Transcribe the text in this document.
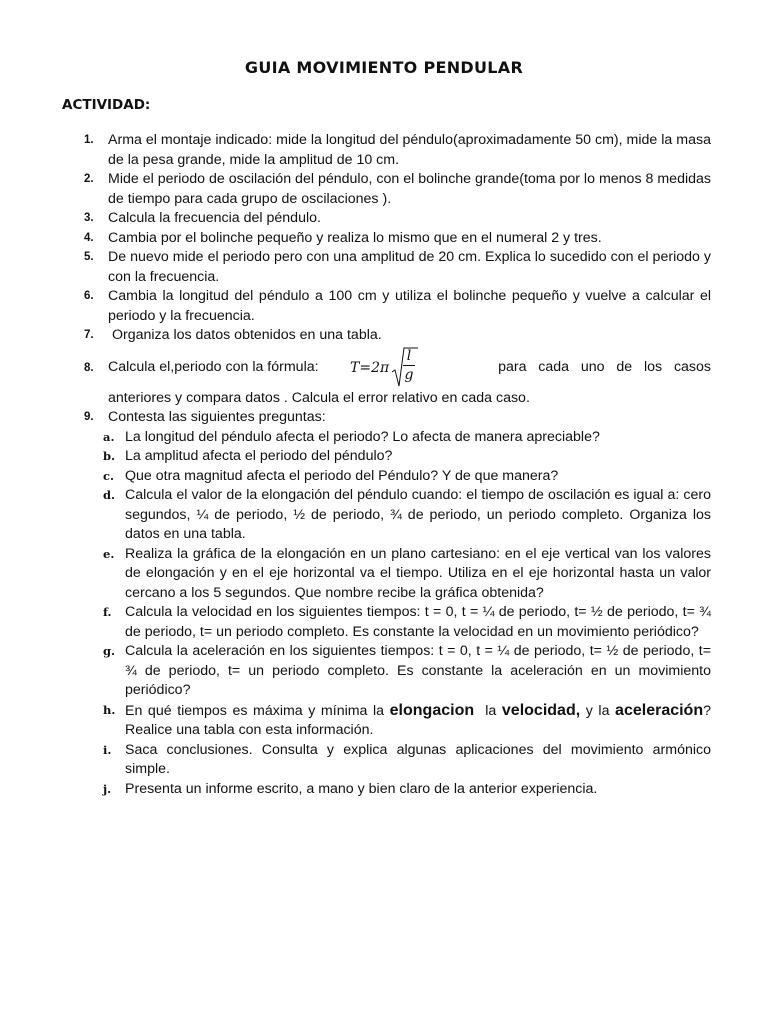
GUIA MOVIMIENTO PENDULAR
ACTIVIDAD:
1. Arma el montaje indicado: mide la longitud del péndulo(aproximadamente 50 cm), mide la masa de la pesa grande, mide la amplitud de 10 cm.
2. Mide el periodo de oscilación del péndulo, con el bolinche grande(toma por lo menos 8 medidas de tiempo para cada grupo de oscilaciones ).
3. Calcula la frecuencia del péndulo.
4. Cambia por el bolinche pequeño y realiza lo mismo que en el numeral 2 y tres.
5. De nuevo mide el periodo pero con una amplitud de 20 cm. Explica lo sucedido con el periodo y con la frecuencia.
6. Cambia la longitud del péndulo a 100 cm y utiliza el bolinche pequeño y vuelve a calcular el periodo y la frecuencia.
7. Organiza los datos obtenidos en una tabla.
8. Calcula el,periodo con la fórmula: T=2π
l
g	para   cada   uno   de   los   casos
anteriores y compara datos . Calcula el error relativo en cada caso.
9. Contesta las siguientes preguntas:
a. La longitud del péndulo afecta el periodo? Lo afecta de manera apreciable?
b. La amplitud afecta el periodo del péndulo?
c. Que otra magnitud afecta el periodo del Péndulo? Y de que manera?
d. Calcula el valor de la elongación del péndulo cuando: el tiempo de oscilación es igual a: cero segundos, ¼ de periodo, ½ de periodo, ¾ de periodo, un periodo completo. Organiza los datos en una tabla.
e. Realiza la gráfica de la elongación en un plano cartesiano: en el eje vertical van los valores de elongación y en el eje horizontal va el tiempo. Utiliza en el eje horizontal hasta un valor cercano a los 5 segundos. Que nombre recibe la gráfica obtenida?
f. Calcula la velocidad en los siguientes tiempos: t = 0, t = ¼ de periodo, t= ½ de periodo, t= ¾ de periodo, t= un periodo completo. Es constante la velocidad en un movimiento periódico?
g. Calcula la aceleración en los siguientes tiempos: t = 0, t = ¼ de periodo, t= ½ de periodo, t= ¾ de periodo, t= un periodo completo. Es constante la aceleración en un movimiento periódico?
h. En qué tiempos es máxima y mínima la elongacion  la velocidad, y la aceleración? Realice una tabla con esta información.
i. Saca conclusiones. Consulta y explica algunas aplicaciones del movimiento armónico simple.
j. Presenta un informe escrito, a mano y bien claro de la anterior experiencia.
